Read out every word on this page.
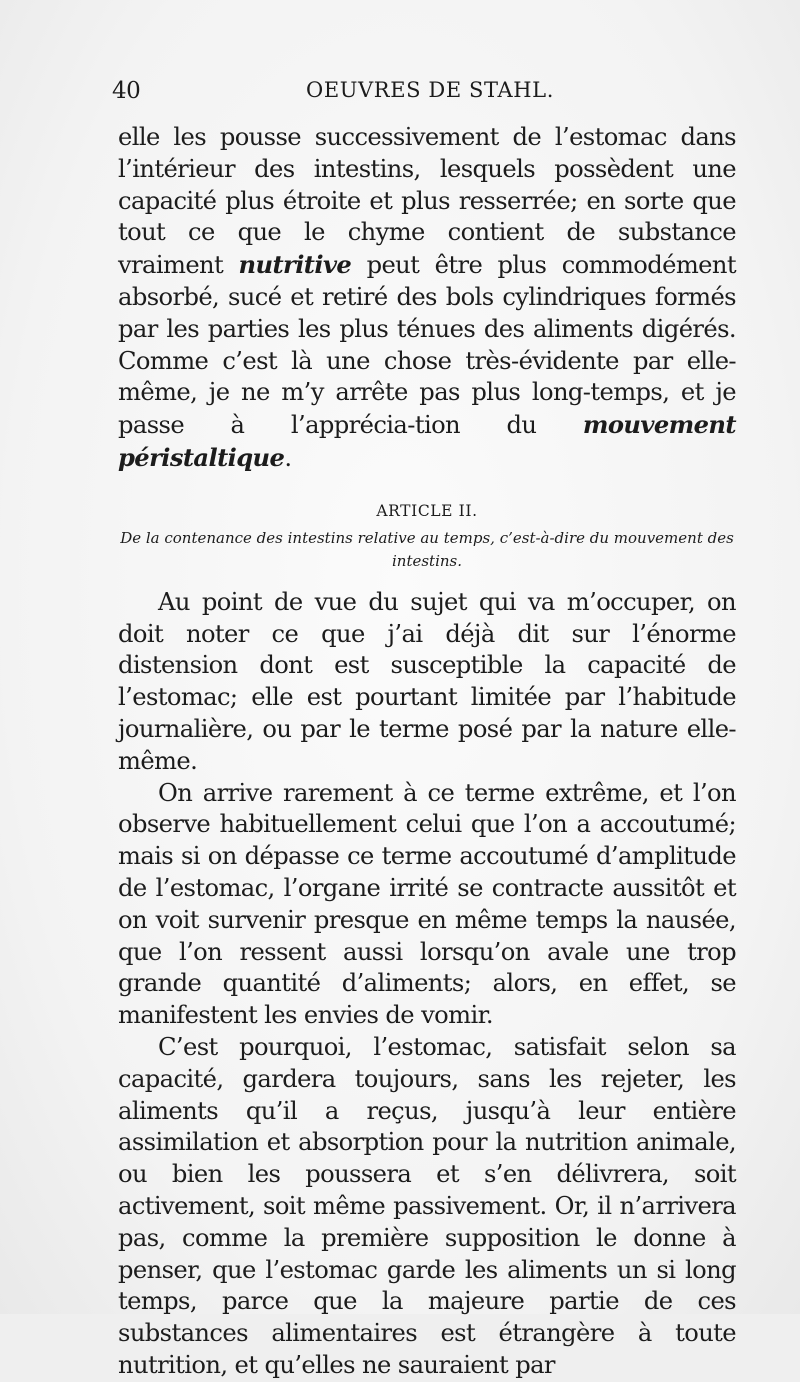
40	OEUVRES DE STAHL.

elle les pousse successivement de l’estomac dans l’intérieur des intestins, lesquels possèdent une capacité plus étroite et plus resserrée; en sorte que tout ce que le chyme contient de substance vraiment nutritive peut être plus commodément absorbé, sucé et retiré des bols cylindriques formés par les parties les plus ténues des aliments digérés. Comme c’est là une chose très-évidente par elle-même, je ne m’y arrête pas plus long-temps, et je passe à l’apprécia-tion du mouvement péristaltique.

ARTICLE II.

De la contenance des intestins relative au temps, c’est-à-dire du mouvement des intestins.

Au point de vue du sujet qui va m’occuper, on doit noter ce que j’ai déjà dit sur l’énorme distension dont est susceptible la capacité de l’estomac; elle est pourtant limitée par l’habitude journalière, ou par le terme posé par la nature elle-même.

On arrive rarement à ce terme extrême, et l’on observe habituellement celui que l’on a accoutumé; mais si on dépasse ce terme accoutumé d’amplitude de l’estomac, l’organe irrité se contracte aussitôt et on voit survenir presque en même temps la nausée, que l’on ressent aussi lorsqu’on avale une trop grande quantité d’aliments; alors, en effet, se manifestent les envies de vomir.

C’est pourquoi, l’estomac, satisfait selon sa capacité, gardera toujours, sans les rejeter, les aliments qu’il a reçus, jusqu’à leur entière assimilation et absorption pour la nutrition animale, ou bien les poussera et s’en délivrera, soit activement, soit même passivement. Or, il n’arrivera pas, comme la première supposition le donne à penser, que l’estomac garde les aliments un si long temps, parce que la majeure partie de ces substances alimentaires est étrangère à toute nutrition, et qu’elles ne sauraient par
